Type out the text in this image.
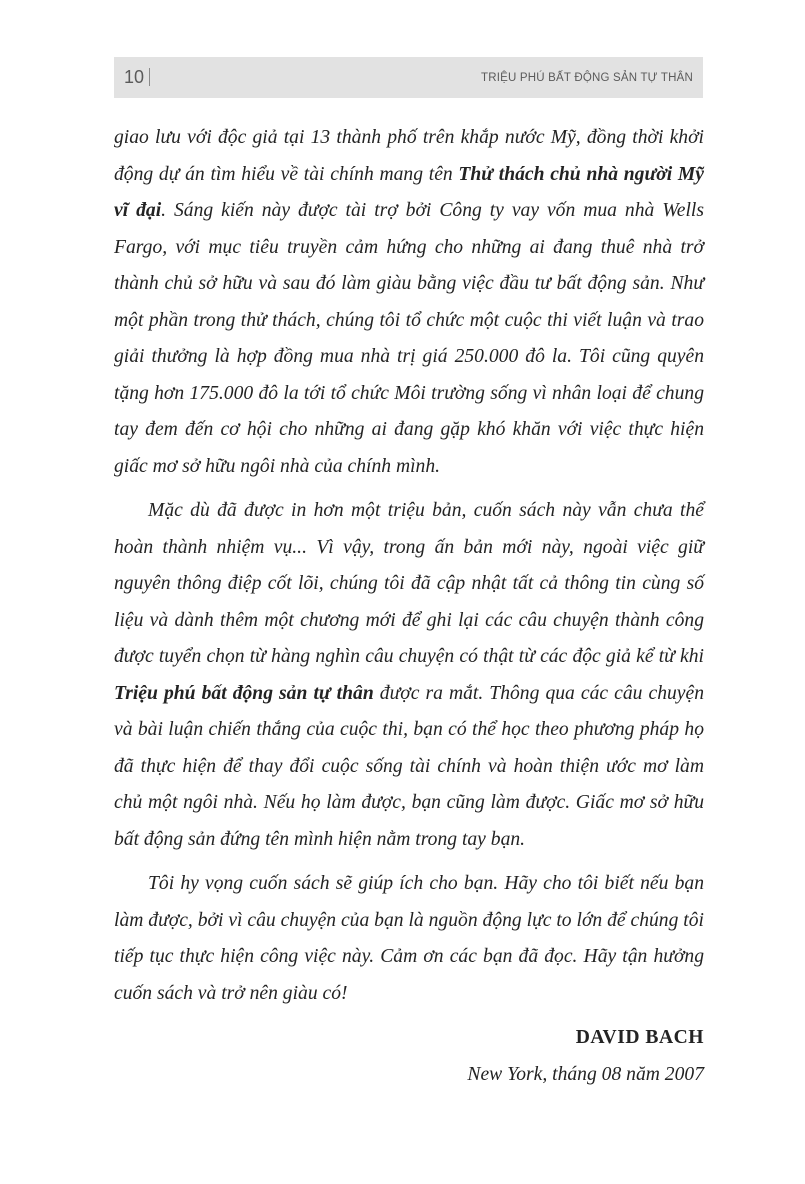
10	TRIỆU PHÚ BẤT ĐỘNG SẢN TỰ THÂN

giao lưu với độc giả tại 13 thành phố trên khắp nước Mỹ, đồng thời khởi động dự án tìm hiểu về tài chính mang tên Thử thách chủ nhà người Mỹ vĩ đại. Sáng kiến này được tài trợ bởi Công ty vay vốn mua nhà Wells Fargo, với mục tiêu truyền cảm hứng cho những ai đang thuê nhà trở thành chủ sở hữu và sau đó làm giàu bằng việc đầu tư bất động sản. Như một phần trong thử thách, chúng tôi tổ chức một cuộc thi viết luận và trao giải thưởng là hợp đồng mua nhà trị giá 250.000 đô la. Tôi cũng quyên tặng hơn 175.000 đô la tới tổ chức Môi trường sống vì nhân loại để chung tay đem đến cơ hội cho những ai đang gặp khó khăn với việc thực hiện giấc mơ sở hữu ngôi nhà của chính mình.

Mặc dù đã được in hơn một triệu bản, cuốn sách này vẫn chưa thể hoàn thành nhiệm vụ... Vì vậy, trong ấn bản mới này, ngoài việc giữ nguyên thông điệp cốt lõi, chúng tôi đã cập nhật tất cả thông tin cùng số liệu và dành thêm một chương mới để ghi lại các câu chuyện thành công được tuyển chọn từ hàng nghìn câu chuyện có thật từ các độc giả kể từ khi Triệu phú bất động sản tự thân được ra mắt. Thông qua các câu chuyện và bài luận chiến thắng của cuộc thi, bạn có thể học theo phương pháp họ đã thực hiện để thay đổi cuộc sống tài chính và hoàn thiện ước mơ làm chủ một ngôi nhà. Nếu họ làm được, bạn cũng làm được. Giấc mơ sở hữu bất động sản đứng tên mình hiện nằm trong tay bạn.

Tôi hy vọng cuốn sách sẽ giúp ích cho bạn. Hãy cho tôi biết nếu bạn làm được, bởi vì câu chuyện của bạn là nguồn động lực to lớn để chúng tôi tiếp tục thực hiện công việc này. Cảm ơn các bạn đã đọc. Hãy tận hưởng cuốn sách và trở nên giàu có!

DAVID BACH

New York, tháng 08 năm 2007
